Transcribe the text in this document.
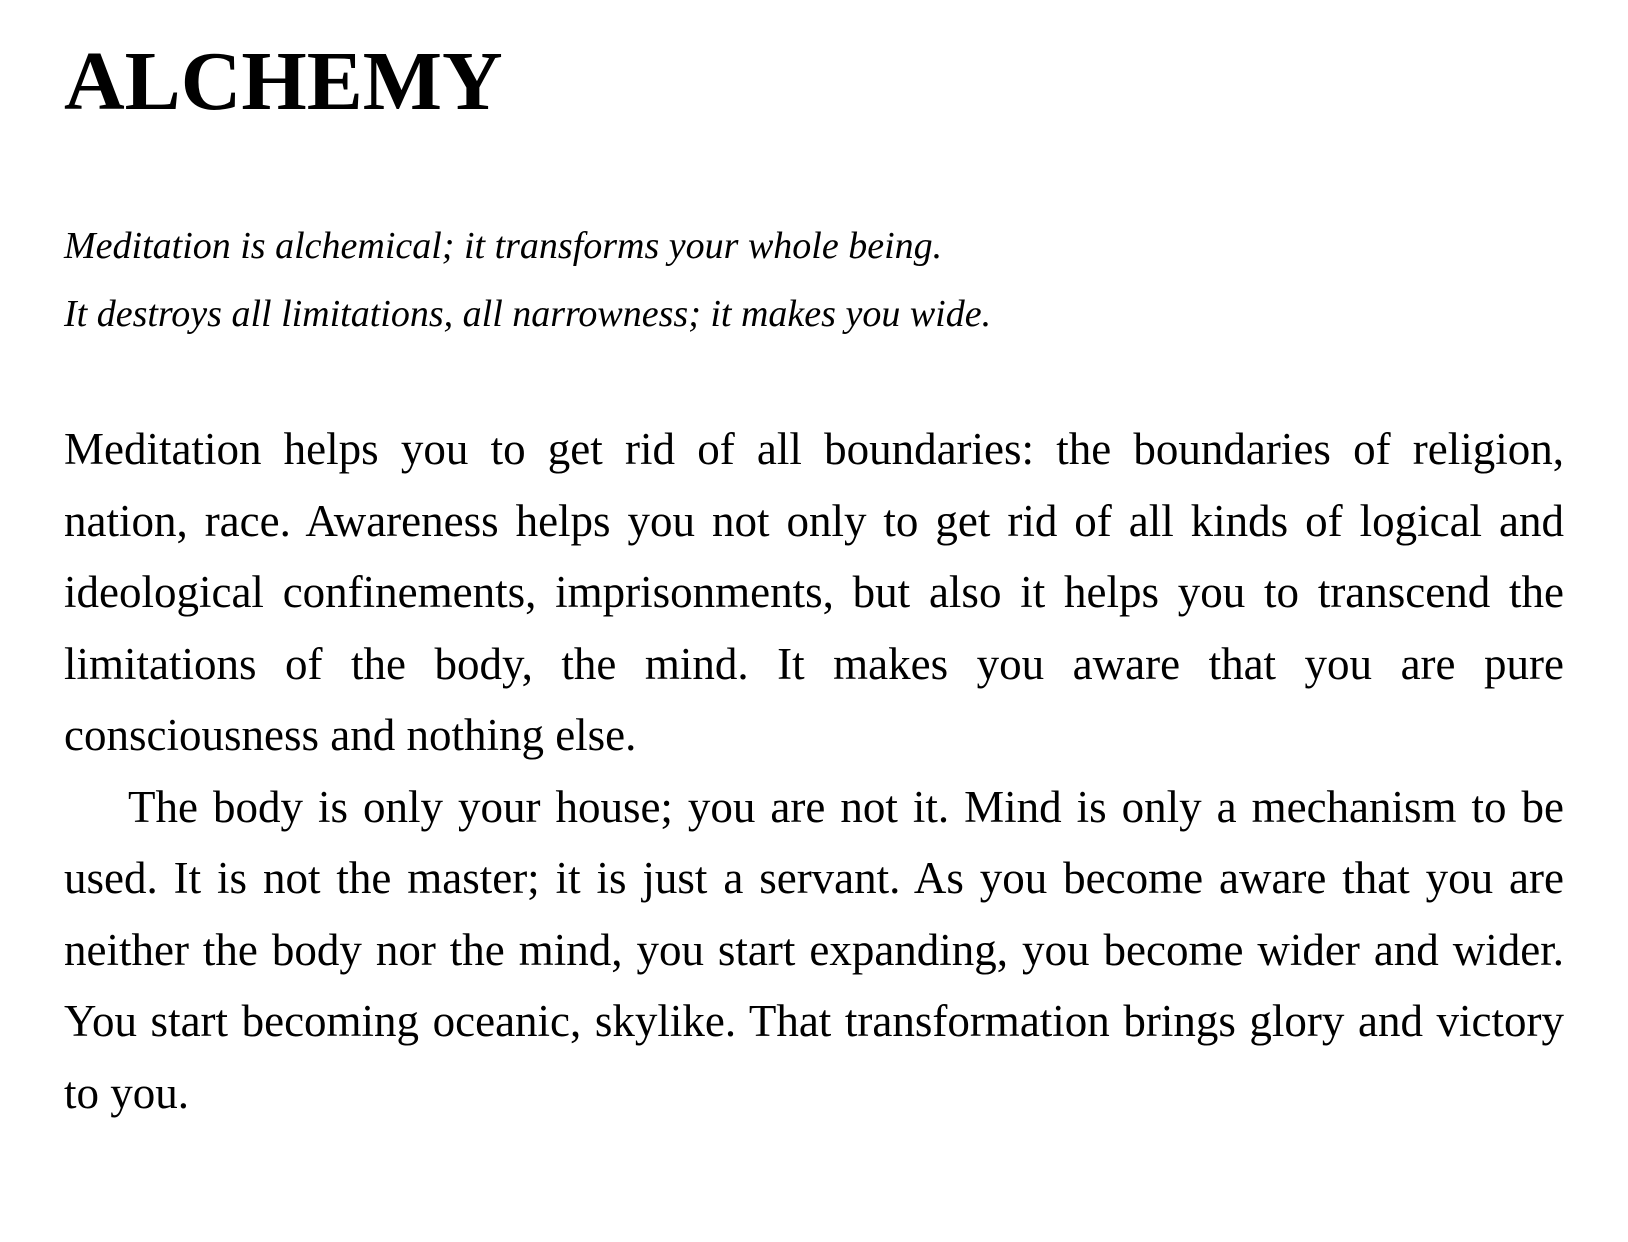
ALCHEMY
Meditation is alchemical; it transforms your whole being.
It destroys all limitations, all narrowness; it makes you wide.

Meditation helps you to get rid of all boundaries: the boundaries of religion, nation, race. Awareness helps you not only to get rid of all kinds of logical and ideological confinements, imprisonments, but also it helps you to transcend the limitations of the body, the mind. It makes you aware that you are pure consciousness and nothing else.

The body is only your house; you are not it. Mind is only a mechanism to be used. It is not the master; it is just a servant. As you become aware that you are neither the body nor the mind, you start expanding, you become wider and wider. You start becoming oceanic, skylike. That transformation brings glory and victory to you.
